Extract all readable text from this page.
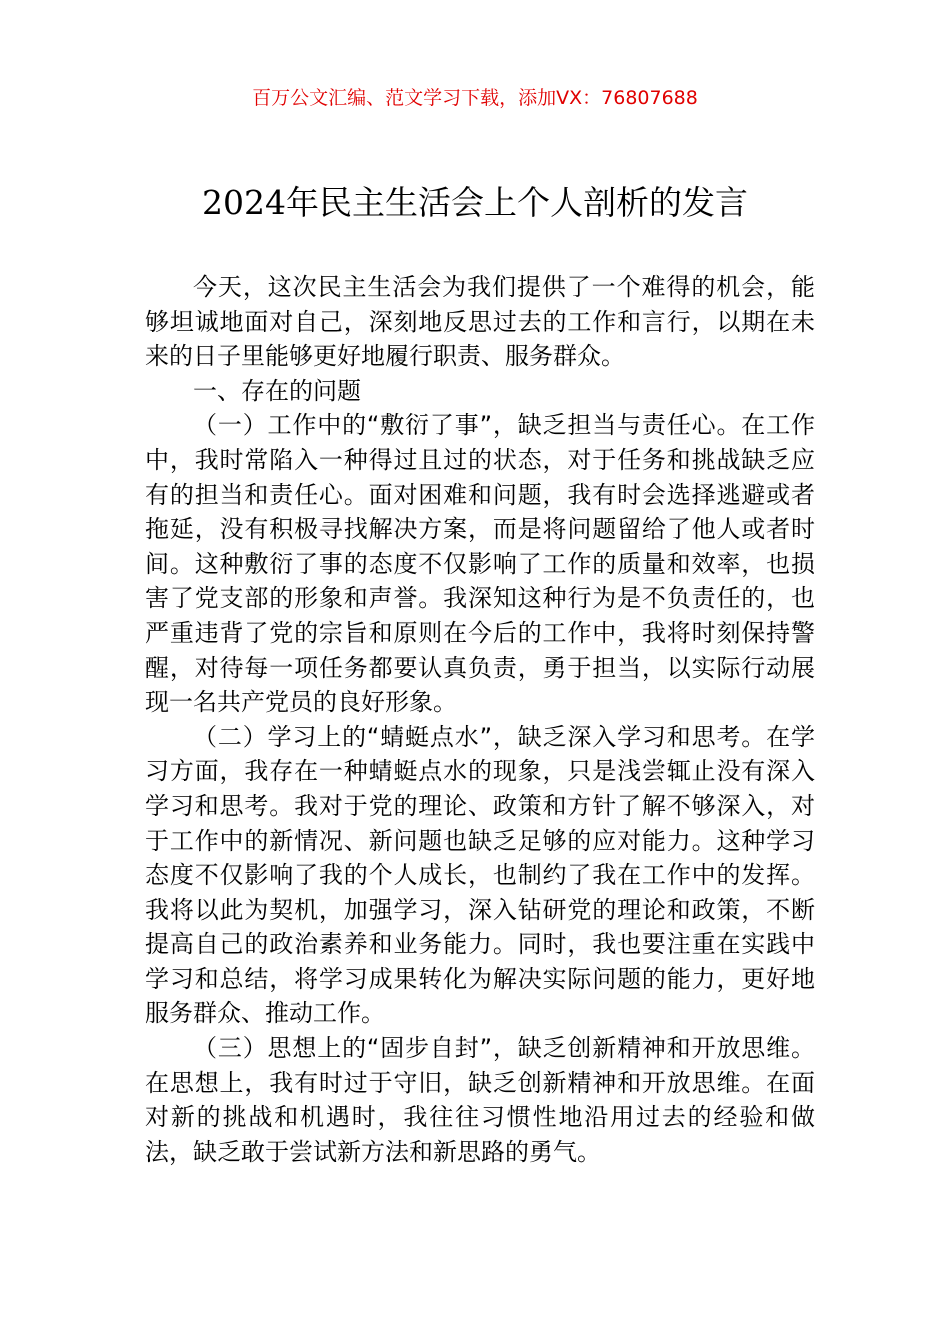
百万公文汇编、范文学习下载，添加VX：76807688
2024年民主生活会上个人剖析的发言

今天，这次民主生活会为我们提供了一个难得的机会，能够坦诚地面对自己，深刻地反思过去的工作和言行，以期在未来的日子里能够更好地履行职责、服务群众。

一、存在的问题

（一）工作中的“敷衍了事”，缺乏担当与责任心。在工作中，我时常陷入一种得过且过的状态，对于任务和挑战缺乏应有的担当和责任心。面对困难和问题，我有时会选择逃避或者拖延，没有积极寻找解决方案，而是将问题留给了他人或者时间。这种敷衍了事的态度不仅影响了工作的质量和效率，也损害了党支部的形象和声誉。我深知这种行为是不负责任的，也严重违背了党的宗旨和原则在今后的工作中，我将时刻保持警醒，对待每一项任务都要认真负责，勇于担当，以实际行动展现一名共产党员的良好形象。

（二）学习上的“蜻蜓点水”，缺乏深入学习和思考。在学习方面，我存在一种蜻蜓点水的现象，只是浅尝辄止没有深入学习和思考。我对于党的理论、政策和方针了解不够深入，对于工作中的新情况、新问题也缺乏足够的应对能力。这种学习态度不仅影响了我的个人成长，也制约了我在工作中的发挥。我将以此为契机，加强学习，深入钻研党的理论和政策，不断提高自己的政治素养和业务能力。同时，我也要注重在实践中学习和总结，将学习成果转化为解决实际问题的能力，更好地服务群众、推动工作。

（三）思想上的“固步自封”，缺乏创新精神和开放思维。在思想上，我有时过于守旧，缺乏创新精神和开放思维。在面对新的挑战和机遇时，我往往习惯性地沿用过去的经验和做法，缺乏敢于尝试新方法和新思路的勇气。
